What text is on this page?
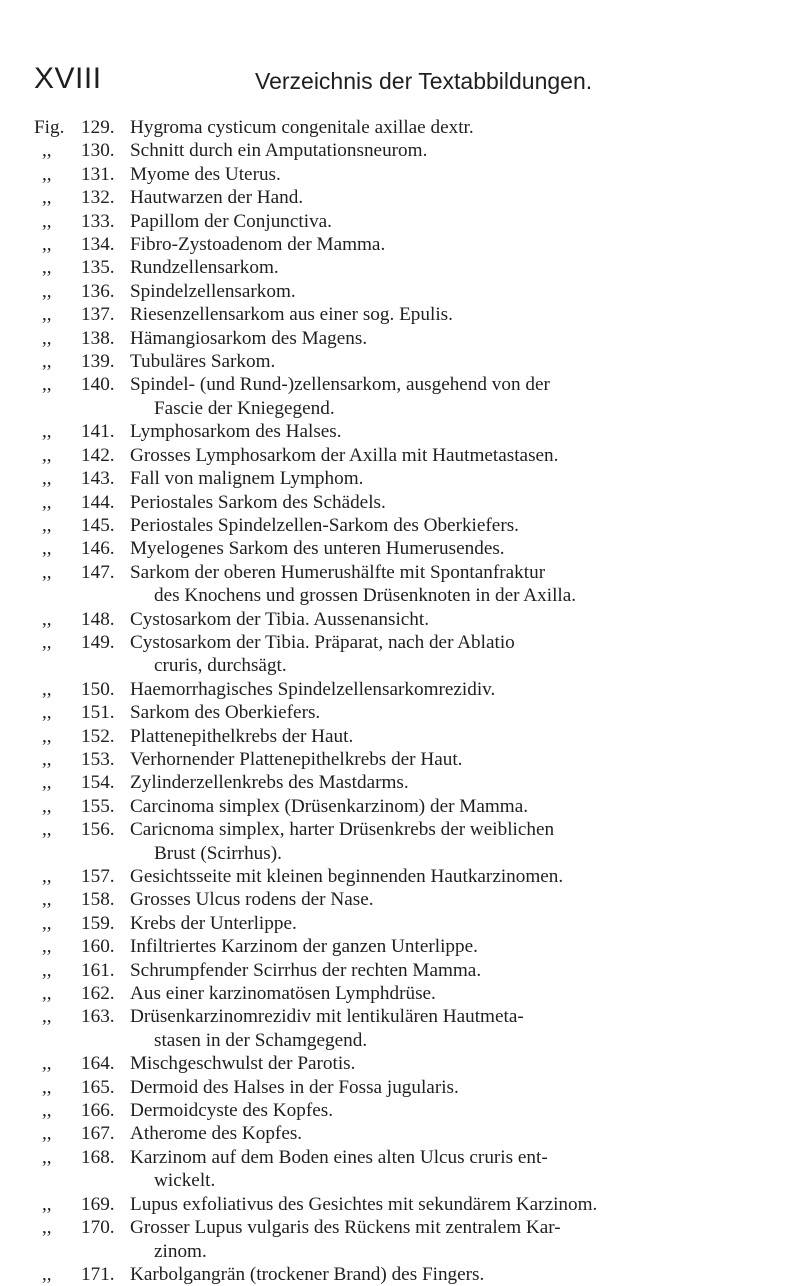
XVIII	Verzeichnis der Textabbildungen.
Fig. 129. Hygroma cysticum congenitale axillae dextr.
,, 130. Schnitt durch ein Amputationsneurom.
,, 131. Myome des Uterus.
,, 132. Hautwarzen der Hand.
,, 133. Papillom der Conjunctiva.
,, 134. Fibro-Zystoadenom der Mamma.
,, 135. Rundzellensarkom.
,, 136. Spindelzellensarkom.
,, 137. Riesenzellensarkom aus einer sog. Epulis.
,, 138. Hämangiosarkom des Magens.
,, 139. Tubuläres Sarkom.
,, 140. Spindel- (und Rund-)zellensarkom, ausgehend von der
Fascie der Kniegegend.
,, 141. Lymphosarkom des Halses.
,, 142. Grosses Lymphosarkom der Axilla mit Hautmetastasen.
,, 143. Fall von malignem Lymphom.
,, 144. Periostales Sarkom des Schädels.
,, 145. Periostales Spindelzellen-Sarkom des Oberkiefers.
,, 146. Myelogenes Sarkom des unteren Humerusendes.
,, 147. Sarkom der oberen Humerushälfte mit Spontanfraktur
des Knochens und grossen Drüsenknoten in der Axilla.
,, 148. Cystosarkom der Tibia. Aussenansicht.
,, 149. Cystosarkom der Tibia. Präparat, nach der Ablatio
cruris, durchsägt.
,, 150. Haemorrhagisches Spindelzellensarkomrezidiv.
,, 151. Sarkom des Oberkiefers.
,, 152. Plattenepithelkrebs der Haut.
,, 153. Verhornender Plattenepithelkrebs der Haut.
,, 154. Zylinderzellenkrebs des Mastdarms.
,, 155. Carcinoma simplex (Drüsenkarzinom) der Mamma.
,, 156. Caricnoma simplex, harter Drüsenkrebs der weiblichen
Brust (Scirrhus).
,, 157. Gesichtsseite mit kleinen beginnenden Hautkarzinomen.
,, 158. Grosses Ulcus rodens der Nase.
,, 159. Krebs der Unterlippe.
,, 160. Infiltriertes Karzinom der ganzen Unterlippe.
,, 161. Schrumpfender Scirrhus der rechten Mamma.
,, 162. Aus einer karzinomatösen Lymphdrüse.
,, 163. Drüsenkarzinomrezidiv mit lentikulären Hautmeta-
stasen in der Schamgegend.
,, 164. Mischgeschwulst der Parotis.
,, 165. Dermoid des Halses in der Fossa jugularis.
,, 166. Dermoidcyste des Kopfes.
,, 167. Atherome des Kopfes.
,, 168. Karzinom auf dem Boden eines alten Ulcus cruris ent-
wickelt.
,, 169. Lupus exfoliativus des Gesichtes mit sekundärem Karzinom.
,, 170. Grosser Lupus vulgaris des Rückens mit zentralem Kar-
zinom.
,, 171. Karbolgangrän (trockener Brand) des Fingers.
